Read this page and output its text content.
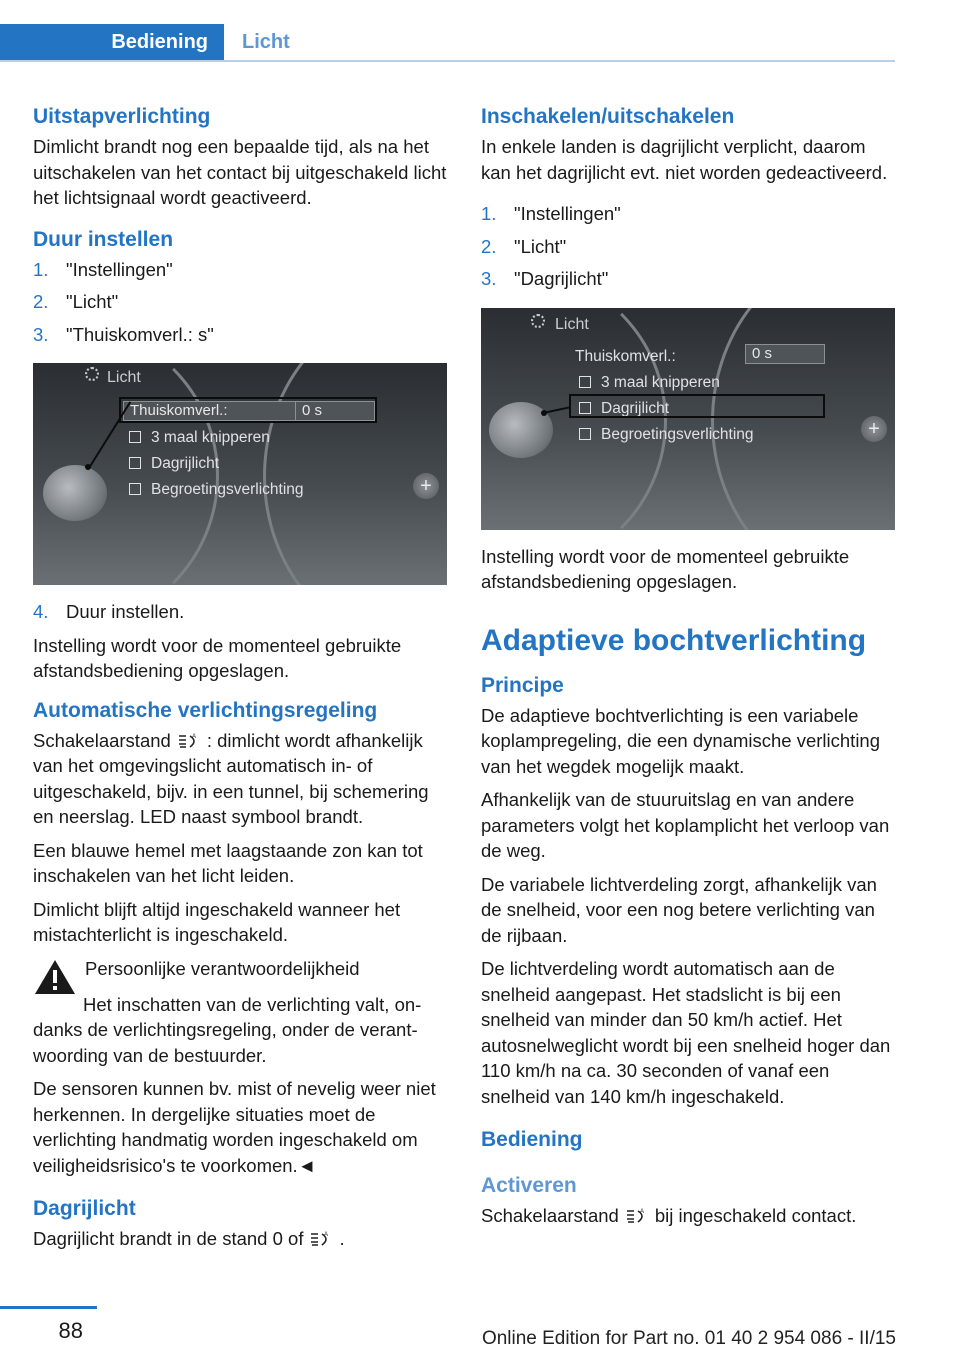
Bediening	Licht
Uitstapverlichting

Dimlicht brandt nog een bepaalde tijd, als na het uitschakelen van het contact bij uitgeschakeld licht het lichtsignaal wordt geactiveerd.

Duur instellen
1. "Instellingen"
2. "Licht"
3. "Thuiskomverl.: s"
Licht
+
Thuiskomverl.:	0 s
3 maal knipperen
Dagrijlicht
Begroetingsverlichting
4. Duur instellen.

Instelling wordt voor de momenteel gebruikte afstandsbediening opgeslagen.

Automatische verlichtingsregeling

Schakelaarstand	A : dimlicht wordt afhankelijk van het omgevingslicht automatisch in- of uitgeschakeld, bijv. in een tunnel, bij schemering en neerslag. LED naast symbool brandt.

Een blauwe hemel met laagstaande zon kan tot inschakelen van het licht leiden.

Dimlicht blijft altijd ingeschakeld wanneer het mistachterlicht is ingeschakeld.

Persoonlijke verantwoordelijkheid

Het inschatten van de verlichting valt, ondanks de verlichtingsregeling, onder de verantwoording van de bestuurder.

De sensoren kunnen bv. mist of nevelig weer niet herkennen. In dergelijke situaties moet de verlichting handmatig worden ingeschakeld om veiligheidsrisico's te voorkomen.◄

Dagrijlicht

Dagrijlicht brandt in de stand 0 of	A .

Inschakelen/uitschakelen

In enkele landen is dagrijlicht verplicht, daarom kan het dagrijlicht evt. niet worden gedeactiveerd.

1. "Instellingen"
2. "Licht"
3. "Dagrijlicht"
Licht
+
Thuiskomverl.:	0 s
3 maal knipperen
Dagrijlicht
Begroetingsverlichting

Instelling wordt voor de momenteel gebruikte afstandsbediening opgeslagen.

Adaptieve bochtverlichting
Principe

De adaptieve bochtverlichting is een variabele koplampregeling, die een dynamische verlichting van het wegdek mogelijk maakt.

Afhankelijk van de stuuruitslag en van andere parameters volgt het koplamplicht het verloop van de weg.

De variabele lichtverdeling zorgt, afhankelijk van de snelheid, voor een nog betere verlichting van de rijbaan.

De lichtverdeling wordt automatisch aan de snelheid aangepast. Het stadslicht is bij een snelheid van minder dan 50 km/h actief. Het autosnelweglicht wordt bij een snelheid hoger dan 110 km/h na ca. 30 seconden of vanaf een snelheid van 140 km/h ingeschakeld.

Bediening
Activeren

Schakelaarstand	A bij ingeschakeld contact.

88	Online Edition for Part no. 01 40 2 954 086 - II/15
